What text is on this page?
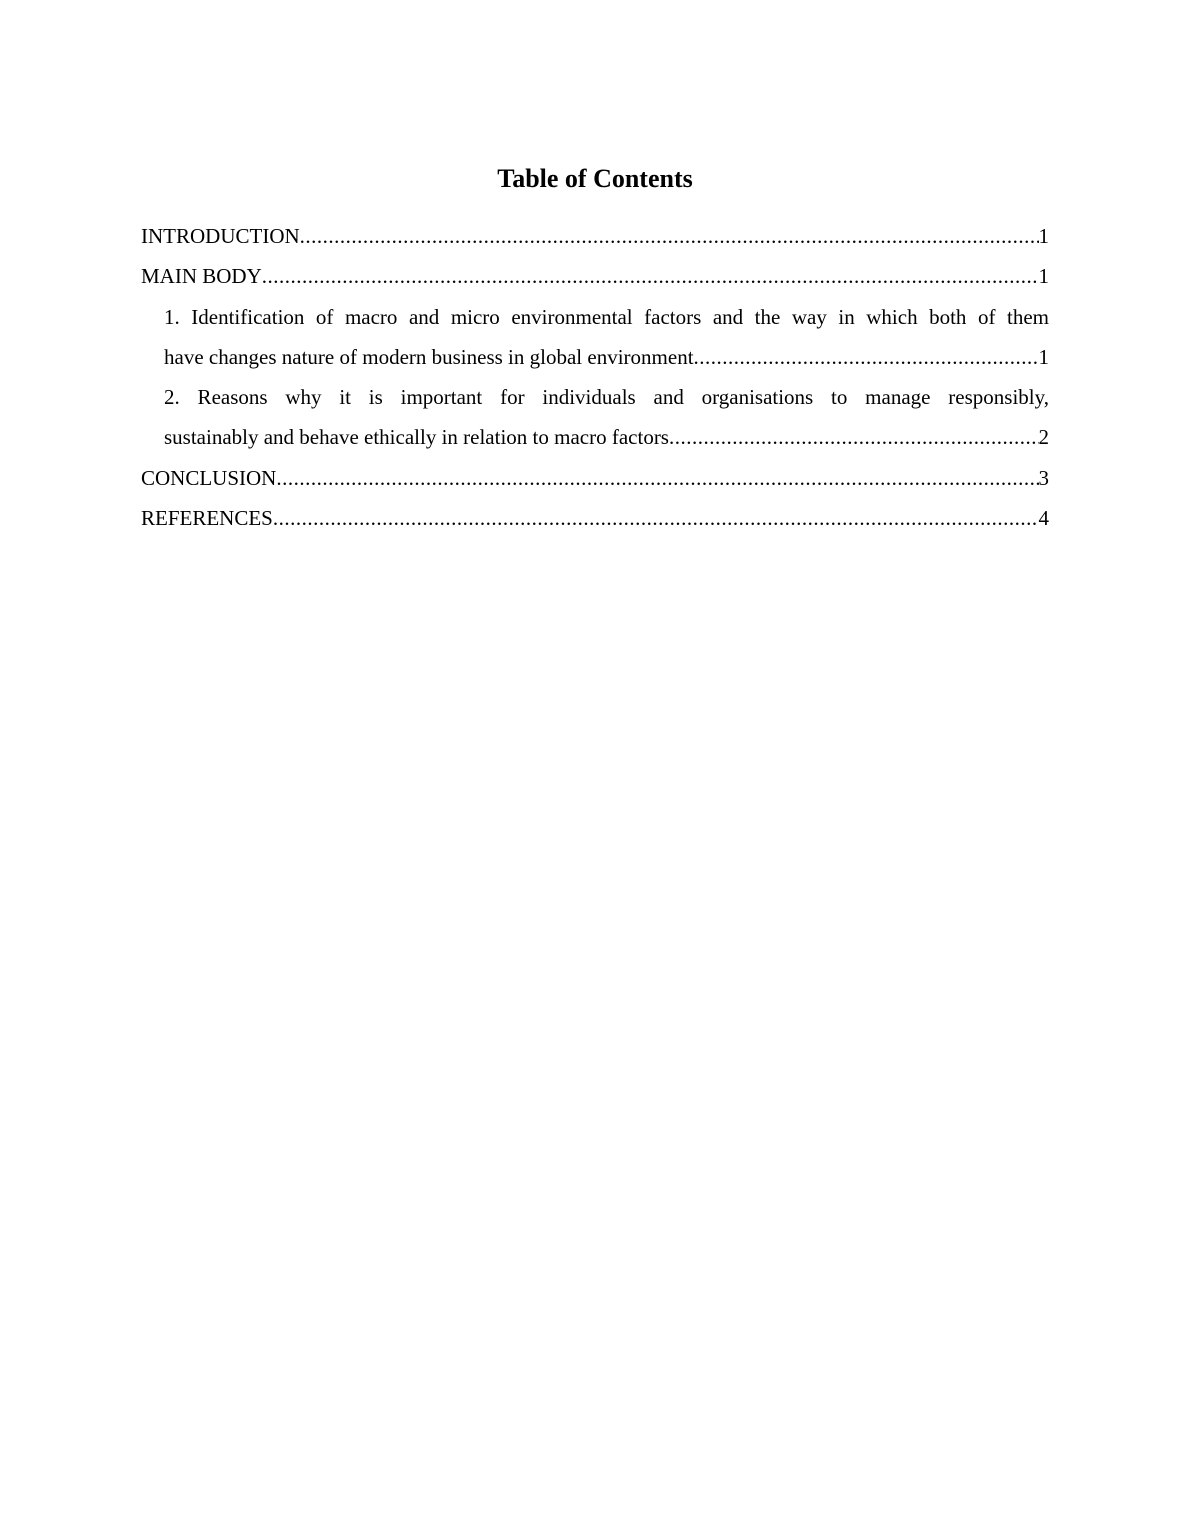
Table of Contents
INTRODUCTION .....	1
MAIN BODY .....	1
1. Identification of macro and micro environmental factors and the way in which both of them
have changes nature of modern business in global environment .....	1
2. Reasons why it is important for individuals and organisations to manage responsibly,
sustainably and behave ethically in relation to macro factors .....	2
CONCLUSION .....	3
REFERENCES .....	4
